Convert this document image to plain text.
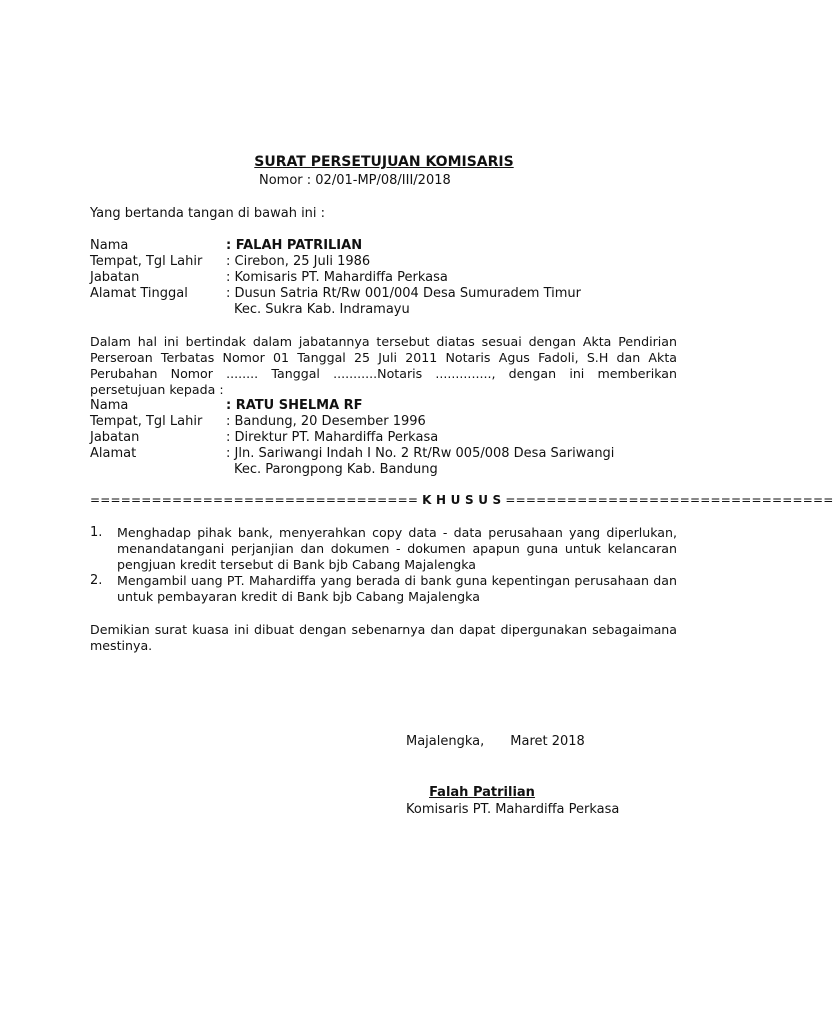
SURAT PERSETUJUAN KOMISARIS
Nomor : 02/01-MP/08/III/2018
Yang bertanda tangan di bawah ini :
Nama	: FALAH PATRILIAN
Tempat, Tgl Lahir : Cirebon, 25 Juli 1986
Jabatan	: Komisaris PT. Mahardiffa Perkasa
Alamat Tinggal	: Dusun Satria Rt/Rw 001/004 Desa Sumuradem Timur
Kec. Sukra Kab. Indramayu
Dalam hal ini bertindak dalam jabatannya tersebut diatas sesuai dengan Akta Pendirian Perseroan Terbatas Nomor 01 Tanggal 25 Juli 2011 Notaris Agus Fadoli, S.H dan Akta Perubahan Nomor ........ Tanggal ...........Notaris .............., dengan ini memberikan persetujuan kepada :
Nama	: RATU SHELMA RF
Tempat, Tgl Lahir : Bandung, 20 Desember 1996
Jabatan	: Direktur PT. Mahardiffa Perkasa
Alamat	: Jln. Sariwangi Indah I No. 2 Rt/Rw 005/008 Desa Sariwangi
Kec. Parongpong Kab. Bandung
================================ K H U S U S ================================
1. Menghadap pihak bank, menyerahkan copy data - data perusahaan yang diperlukan, menandatangani perjanjian dan dokumen - dokumen apapun guna untuk kelancaran pengjuan kredit tersebut di Bank bjb Cabang Majalengka
2. Mengambil uang PT. Mahardiffa yang berada di bank guna kepentingan perusahaan dan untuk pembayaran kredit di Bank bjb Cabang Majalengka
Demikian surat kuasa ini dibuat dengan sebenarnya dan dapat dipergunakan sebagaimana mestinya.
Majalengka, Maret 2018
Falah Patrilian
Komisaris PT. Mahardiffa Perkasa
